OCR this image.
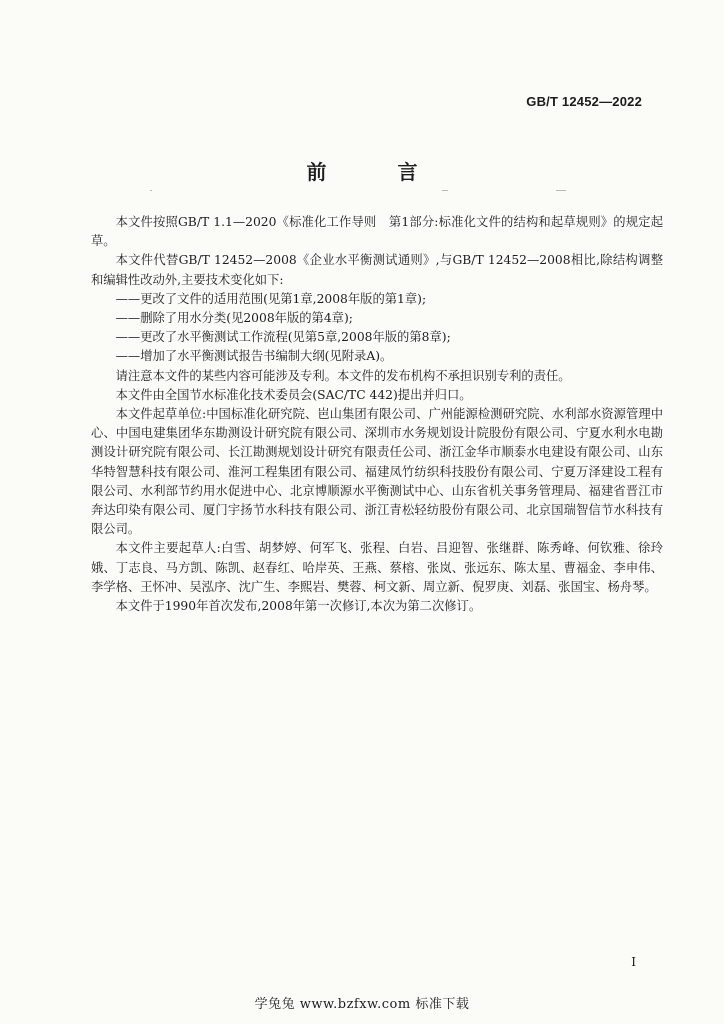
GB/T 12452—2022
前 言

本文件按照GB/T 1.1—2020《标准化工作导则　第1部分:标准化文件的结构和起草规则》的规定起草。

本文件代替GB/T 12452—2008《企业水平衡测试通则》,与GB/T 12452—2008相比,除结构调整和编辑性改动外,主要技术变化如下:

——更改了文件的适用范围(见第1章,2008年版的第1章);

——删除了用水分类(见2008年版的第4章);

——更改了水平衡测试工作流程(见第5章,2008年版的第8章);

——增加了水平衡测试报告书编制大纲(见附录A)。

请注意本文件的某些内容可能涉及专利。本文件的发布机构不承担识别专利的责任。

本文件由全国节水标准化技术委员会(SAC/TC 442)提出并归口。

本文件起草单位:中国标准化研究院、岜山集团有限公司、广州能源检测研究院、水利部水资源管理中心、中国电建集团华东勘测设计研究院有限公司、深圳市水务规划设计院股份有限公司、宁夏水利水电勘测设计研究院有限公司、长江勘测规划设计研究有限责任公司、浙江金华市顺泰水电建设有限公司、山东华特智慧科技有限公司、淮河工程集团有限公司、福建凤竹纺织科技股份有限公司、宁夏万泽建设工程有限公司、水利部节约用水促进中心、北京博顺源水平衡测试中心、山东省机关事务管理局、福建省晋江市奔达印染有限公司、厦门宇扬节水科技有限公司、浙江青松轻纺股份有限公司、北京国瑞智信节水科技有限公司。

本文件主要起草人:白雪、胡梦婷、何军飞、张程、白岩、吕迎智、张继群、陈秀峰、何钦雅、徐玲娥、丁志良、马方凯、陈凯、赵春红、哈岸英、王燕、蔡榕、张岚、张远东、陈太星、曹福金、李申伟、李学格、王怀冲、吴泓序、沈广生、李熙岩、樊蓉、柯文新、周立新、倪罗庚、刘磊、张国宝、杨舟琴。

本文件于1990年首次发布,2008年第一次修订,本次为第二次修订。

I
学兔兔 www.bzfxw.com 标准下载
